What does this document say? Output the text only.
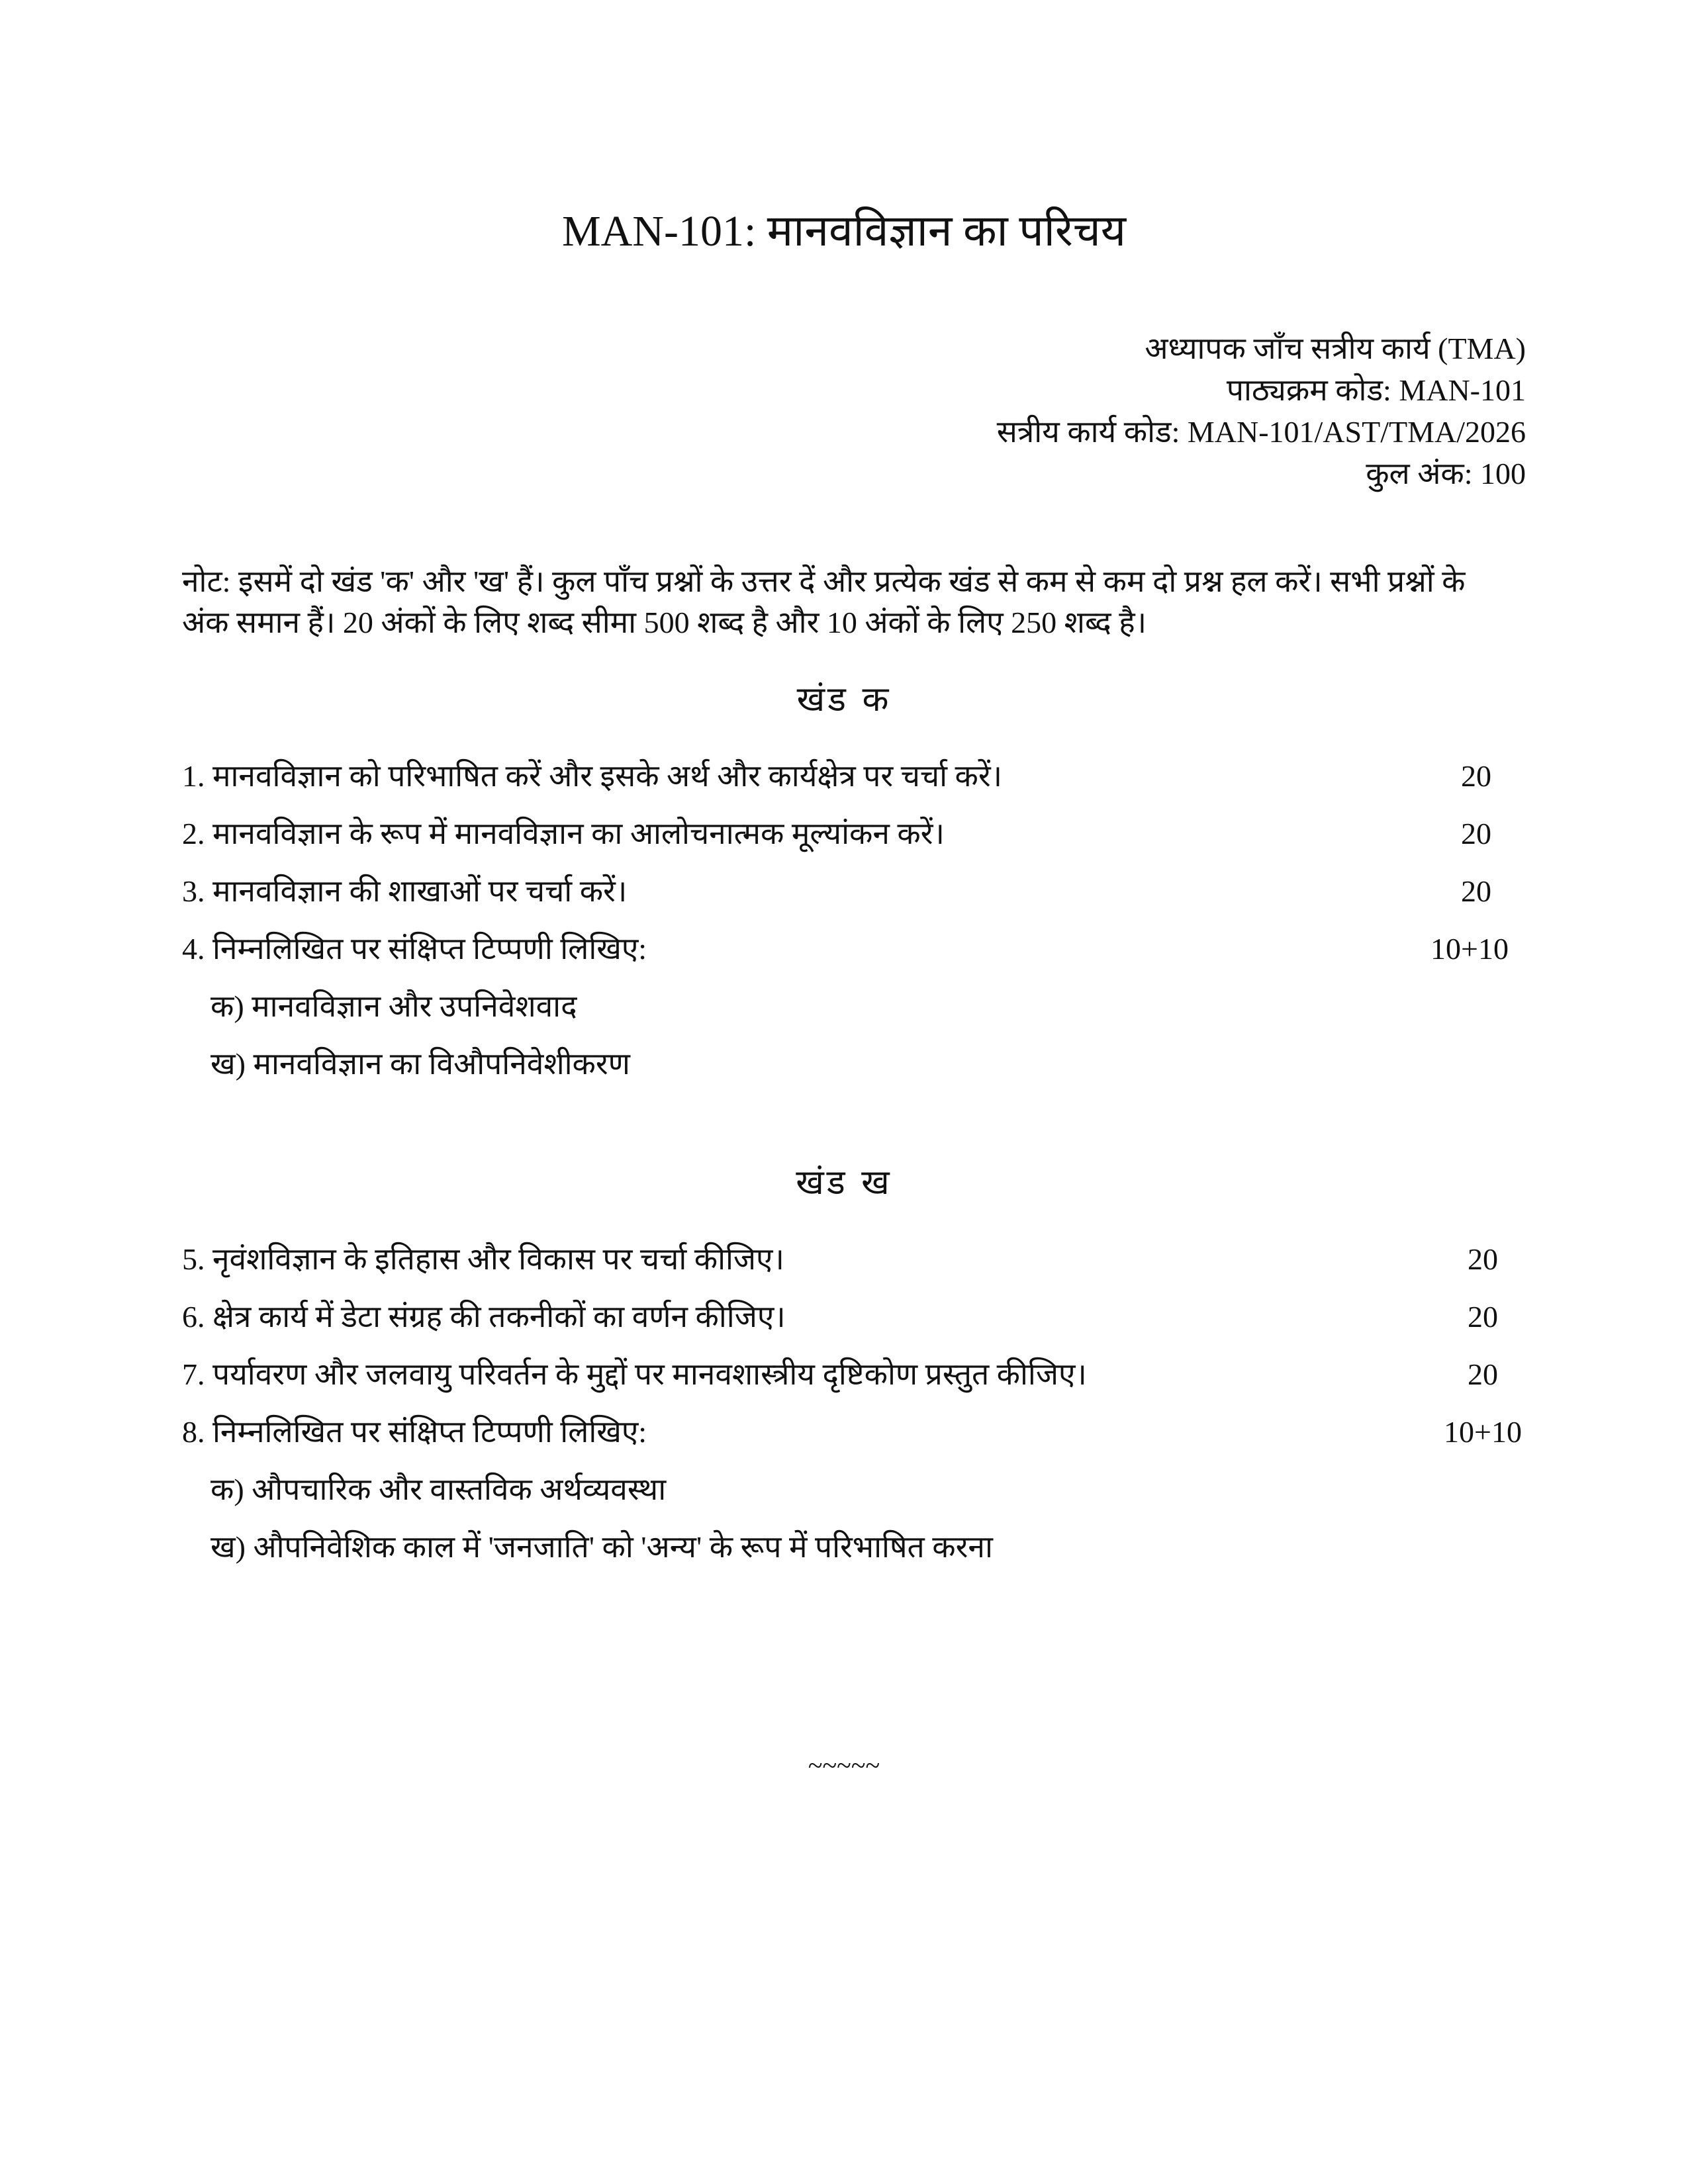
MAN-101: मानवविज्ञान का परिचय
अध्यापक जाँच सत्रीय कार्य (TMA)
पाठ्यक्रम कोड: MAN-101
सत्रीय कार्य कोड: MAN-101/AST/TMA/2026
कुल अंक: 100
नोट: इसमें दो खंड 'क' और 'ख' हैं। कुल पाँच प्रश्नों के उत्तर दें और प्रत्येक खंड से कम से कम दो प्रश्न हल करें। सभी प्रश्नों के अंक समान हैं। 20 अंकों के लिए शब्द सीमा 500 शब्द है और 10 अंकों के लिए 250 शब्द है।
खंड क
1. मानवविज्ञान को परिभाषित करें और इसके अर्थ और कार्यक्षेत्र पर चर्चा करें।	20
2. मानवविज्ञान के रूप में मानवविज्ञान का आलोचनात्मक मूल्यांकन करें।	20
3. मानवविज्ञान की शाखाओं पर चर्चा करें।	20
4. निम्नलिखित पर संक्षिप्त टिप्पणी लिखिए:	10+10
क) मानवविज्ञान और उपनिवेशवाद
ख) मानवविज्ञान का विऔपनिवेशीकरण
खंड ख
5. नृवंशविज्ञान के इतिहास और विकास पर चर्चा कीजिए।	20
6. क्षेत्र कार्य में डेटा संग्रह की तकनीकों का वर्णन कीजिए।	20
7. पर्यावरण और जलवायु परिवर्तन के मुद्दों पर मानवशास्त्रीय दृष्टिकोण प्रस्तुत कीजिए।	20
8. निम्नलिखित पर संक्षिप्त टिप्पणी लिखिए:	10+10
क) औपचारिक और वास्तविक अर्थव्यवस्था
ख) औपनिवेशिक काल में 'जनजाति' को 'अन्य' के रूप में परिभाषित करना
~~~~~
